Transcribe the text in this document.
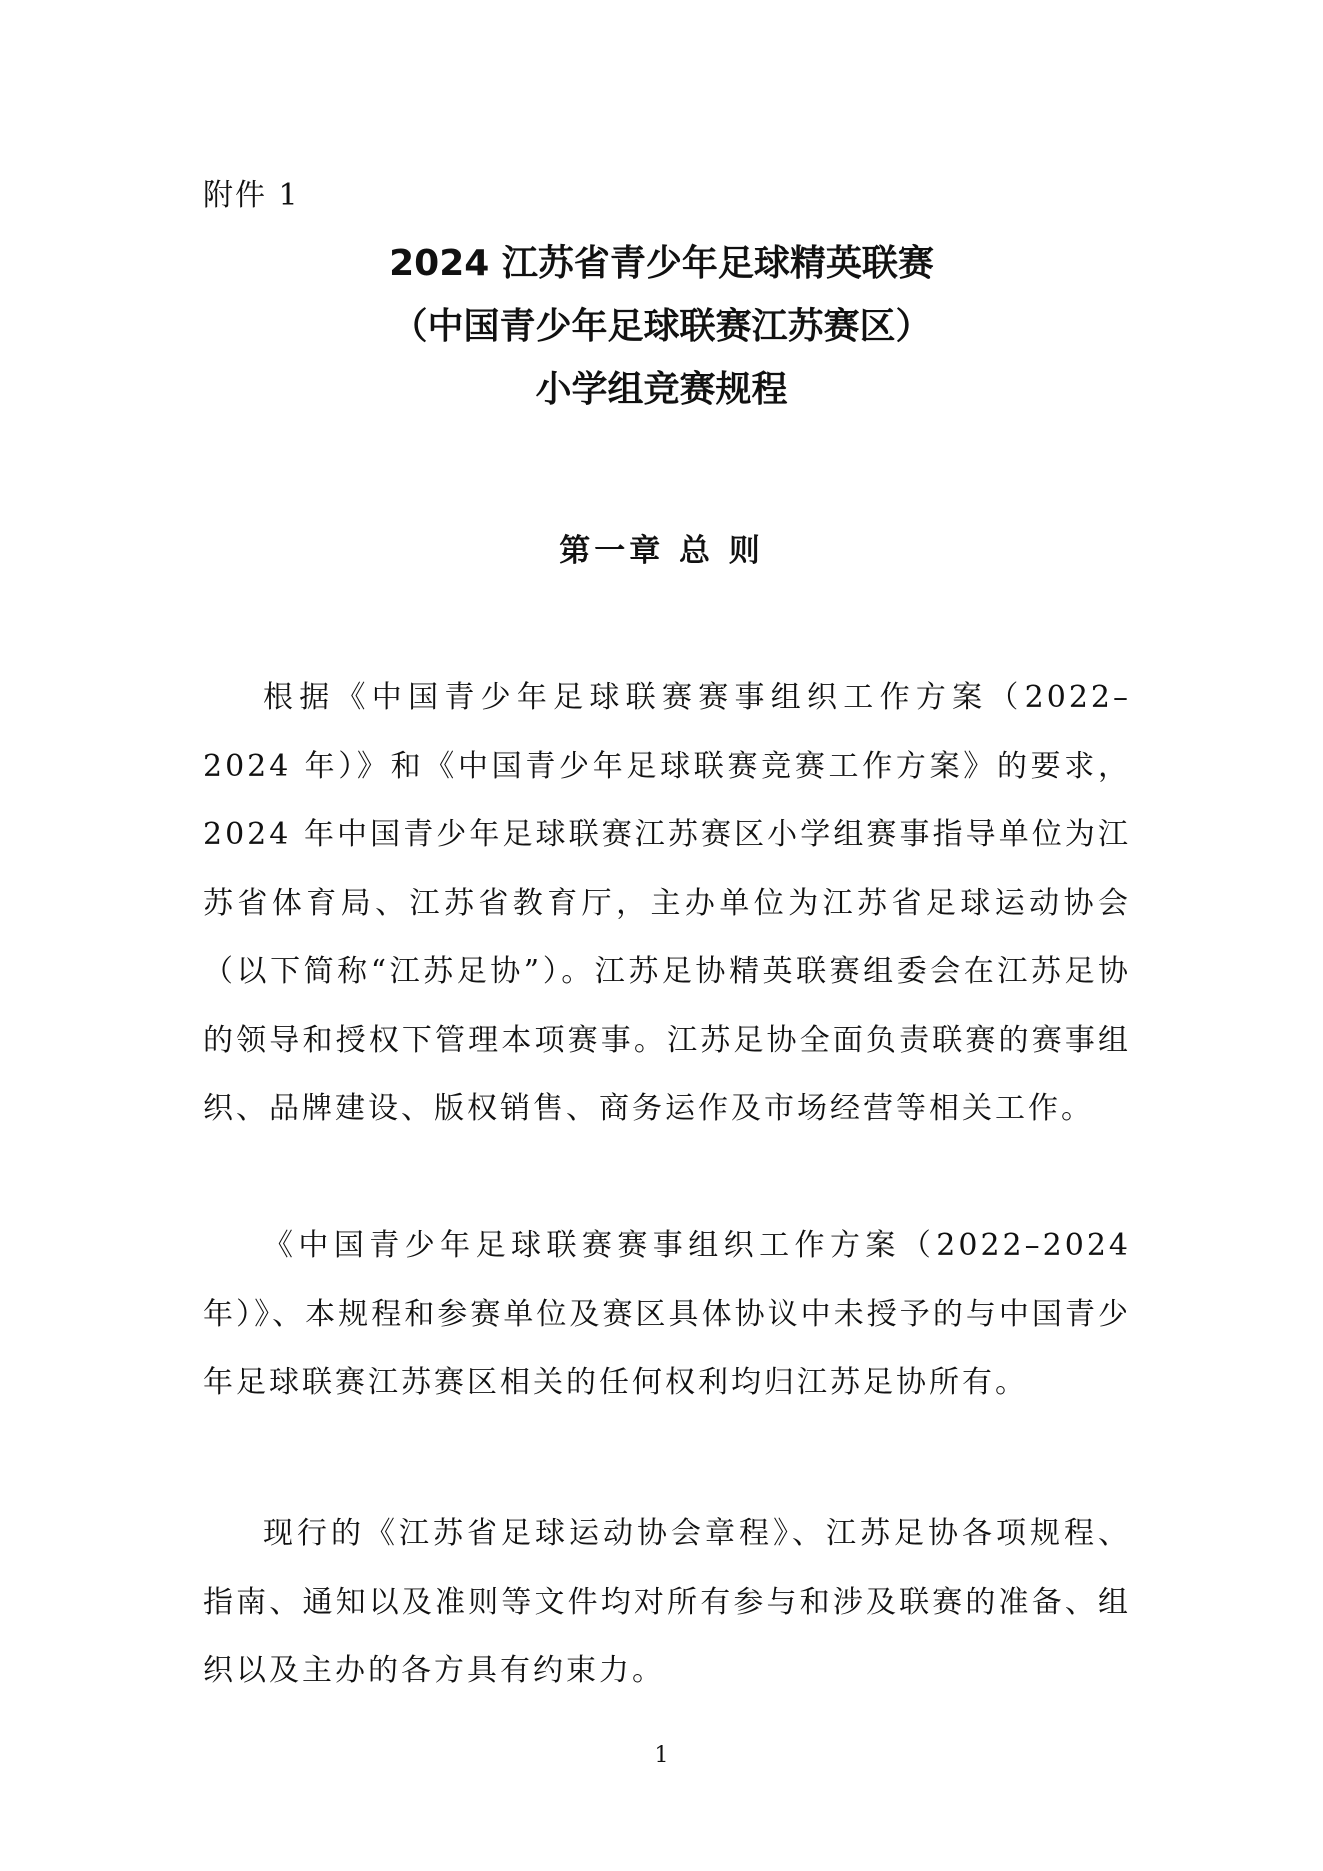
附件 1
2024 江苏省青少年足球精英联赛
（中国青少年足球联赛江苏赛区）
小学组竞赛规程
第一章 总 则

根据《中国青少年足球联赛赛事组织工作方案（2022–2024 年）》和《中国青少年足球联赛竞赛工作方案》的要求，2024 年中国青少年足球联赛江苏赛区小学组赛事指导单位为江苏省体育局、江苏省教育厅，主办单位为江苏省足球运动协会（以下简称“江苏足协”）。江苏足协精英联赛组委会在江苏足协的领导和授权下管理本项赛事。江苏足协全面负责联赛的赛事组织、品牌建设、版权销售、商务运作及市场经营等相关工作。

《中国青少年足球联赛赛事组织工作方案（2022–2024 年）》、本规程和参赛单位及赛区具体协议中未授予的与中国青少年足球联赛江苏赛区相关的任何权利均归江苏足协所有。

现行的《江苏省足球运动协会章程》、江苏足协各项规程、指南、通知以及准则等文件均对所有参与和涉及联赛的准备、组织以及主办的各方具有约束力。

1
